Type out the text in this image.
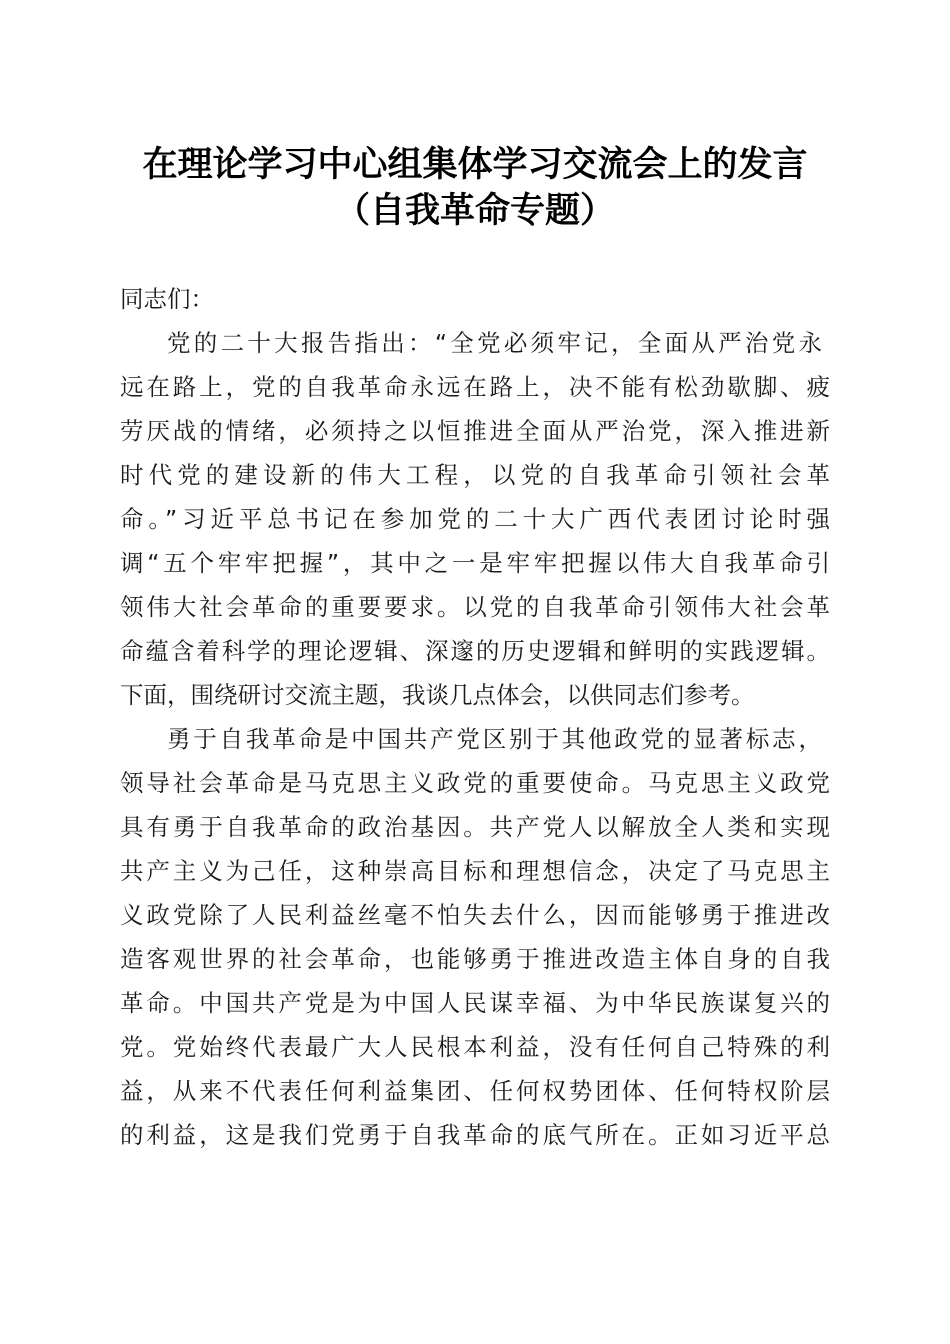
在理论学习中心组集体学习交流会上的发言
（自我革命专题）
同志们：
党的二十大报告指出：“全党必须牢记，全面从严治党永
远在路上，党的自我革命永远在路上，决不能有松劲歇脚、疲
劳厌战的情绪，必须持之以恒推进全面从严治党，深入推进新
时代党的建设新的伟大工程，以党的自我革命引领社会革
命。”习近平总书记在参加党的二十大广西代表团讨论时强
调“五个牢牢把握”，其中之一是牢牢把握以伟大自我革命引
领伟大社会革命的重要要求。以党的自我革命引领伟大社会革
命蕴含着科学的理论逻辑、深邃的历史逻辑和鲜明的实践逻辑。
下面，围绕研讨交流主题，我谈几点体会，以供同志们参考。
勇于自我革命是中国共产党区别于其他政党的显著标志，
领导社会革命是马克思主义政党的重要使命。马克思主义政党
具有勇于自我革命的政治基因。共产党人以解放全人类和实现
共产主义为己任，这种崇高目标和理想信念，决定了马克思主
义政党除了人民利益丝毫不怕失去什么，因而能够勇于推进改
造客观世界的社会革命，也能够勇于推进改造主体自身的自我
革命。中国共产党是为中国人民谋幸福、为中华民族谋复兴的
党。党始终代表最广大人民根本利益，没有任何自己特殊的利
益，从来不代表任何利益集团、任何权势团体、任何特权阶层
的利益，这是我们党勇于自我革命的底气所在。正如习近平总
